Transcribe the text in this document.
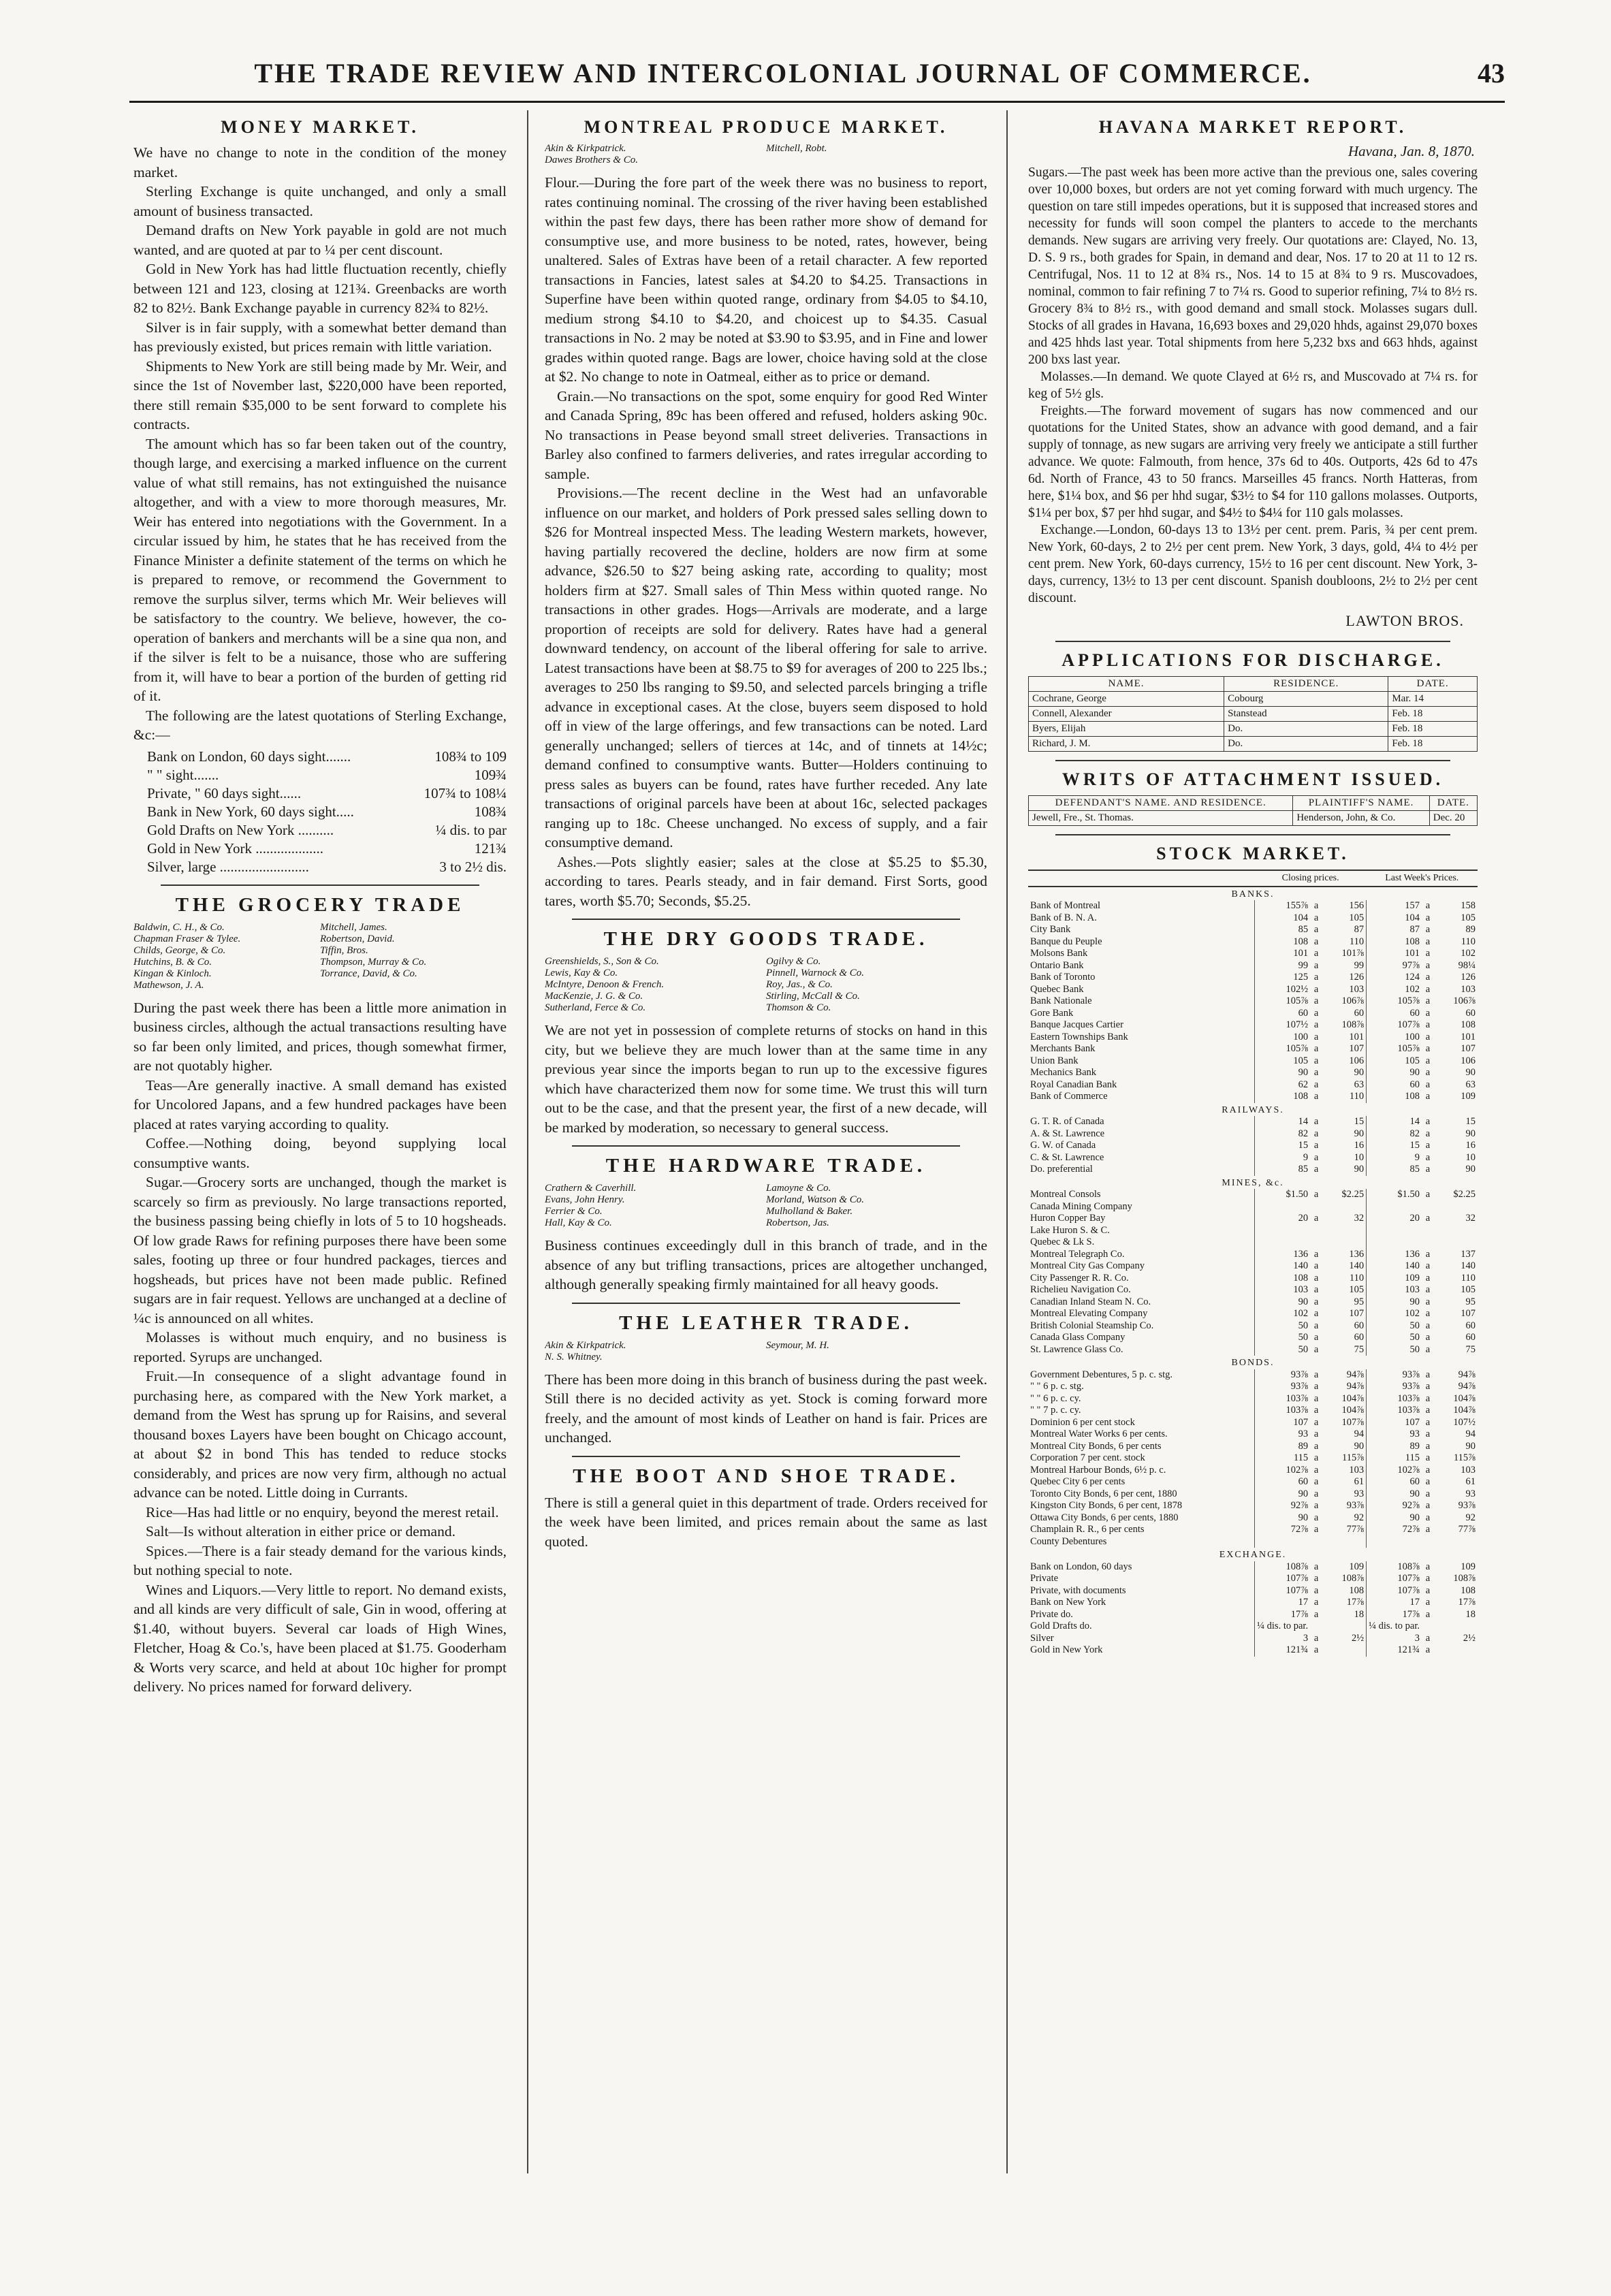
THE TRADE REVIEW AND INTERCOLONIAL JOURNAL OF COMMERCE.	43
MONEY MARKET.

We have no change to note in the condition of the money market.

Sterling Exchange is quite unchanged, and only a small amount of business transacted.

Demand drafts on New York payable in gold are not much wanted, and are quoted at par to ¼ per cent discount.

Gold in New York has had little fluctuation recently, chiefly between 121 and 123, closing at 121¾. Greenbacks are worth 82 to 82½. Bank Exchange payable in currency 82¾ to 82½.

Silver is in fair supply, with a somewhat better demand than has previously existed, but prices remain with little variation.

Shipments to New York are still being made by Mr. Weir, and since the 1st of November last, $220,000 have been reported, there still remain $35,000 to be sent forward to complete his contracts.

The amount which has so far been taken out of the country, though large, and exercising a marked influence on the current value of what still remains, has not extinguished the nuisance altogether, and with a view to more thorough measures, Mr. Weir has entered into negotiations with the Government. In a circular issued by him, he states that he has received from the Finance Minister a definite statement of the terms on which he is prepared to remove, or recommend the Government to remove the surplus silver, terms which Mr. Weir believes will be satisfactory to the country. We believe, however, the co-operation of bankers and merchants will be a sine qua non, and if the silver is felt to be a nuisance, those who are suffering from it, will have to bear a portion of the burden of getting rid of it.

The following are the latest quotations of Sterling Exchange, &c:—

Bank on London, 60 days sight.......	108¾ to 109
" " sight.......	109¾
Private, " 60 days sight......	107¾ to 108¼
Bank in New York, 60 days sight.....	108¾
Gold Drafts on New York ..........	¼ dis. to par
Gold in New York ...................	121¾
Silver, large .........................	3 to 2½ dis.
THE GROCERY TRADE
Baldwin, C. H., & Co.	Mitchell, James.
Chapman Fraser & Tylee.	Robertson, David.
Childs, George, & Co.	Tiffin, Bros.
Hutchins, B. & Co.	Thompson, Murray & Co.
Kingan & Kinloch.	Torrance, David, & Co.
Mathewson, J. A.

During the past week there has been a little more animation in business circles, although the actual transactions resulting have so far been only limited, and prices, though somewhat firmer, are not quotably higher.

Teas—Are generally inactive. A small demand has existed for Uncolored Japans, and a few hundred packages have been placed at rates varying according to quality.

Coffee.—Nothing doing, beyond supplying local consumptive wants.

Sugar.—Grocery sorts are unchanged, though the market is scarcely so firm as previously. No large transactions reported, the business passing being chiefly in lots of 5 to 10 hogsheads. Of low grade Raws for refining purposes there have been some sales, footing up three or four hundred packages, tierces and hogsheads, but prices have not been made public. Refined sugars are in fair request. Yellows are unchanged at a decline of ¼c is announced on all whites.

Molasses is without much enquiry, and no business is reported. Syrups are unchanged.

Fruit.—In consequence of a slight advantage found in purchasing here, as compared with the New York market, a demand from the West has sprung up for Raisins, and several thousand boxes Layers have been bought on Chicago account, at about $2 in bond This has tended to reduce stocks considerably, and prices are now very firm, although no actual advance can be noted. Little doing in Currants.

Rice—Has had little or no enquiry, beyond the merest retail.

Salt—Is without alteration in either price or demand.

Spices.—There is a fair steady demand for the various kinds, but nothing special to note.

Wines and Liquors.—Very little to report. No demand exists, and all kinds are very difficult of sale, Gin in wood, offering at $1.40, without buyers. Several car loads of High Wines, Fletcher, Hoag & Co.'s, have been placed at $1.75. Gooderham & Worts very scarce, and held at about 10c higher for prompt delivery. No prices named for forward delivery.

MONTREAL PRODUCE MARKET.
Akin & Kirkpatrick.	Mitchell, Robt.
Dawes Brothers & Co.

Flour.—During the fore part of the week there was no business to report, rates continuing nominal. The crossing of the river having been established within the past few days, there has been rather more show of demand for consumptive use, and more business to be noted, rates, however, being unaltered. Sales of Extras have been of a retail character. A few reported transactions in Fancies, latest sales at $4.20 to $4.25. Transactions in Superfine have been within quoted range, ordinary from $4.05 to $4.10, medium strong $4.10 to $4.20, and choicest up to $4.35. Casual transactions in No. 2 may be noted at $3.90 to $3.95, and in Fine and lower grades within quoted range. Bags are lower, choice having sold at the close at $2. No change to note in Oatmeal, either as to price or demand.

Grain.—No transactions on the spot, some enquiry for good Red Winter and Canada Spring, 89c has been offered and refused, holders asking 90c. No transactions in Pease beyond small street deliveries. Transactions in Barley also confined to farmers deliveries, and rates irregular according to sample.

Provisions.—The recent decline in the West had an unfavorable influence on our market, and holders of Pork pressed sales selling down to $26 for Montreal inspected Mess. The leading Western markets, however, having partially recovered the decline, holders are now firm at some advance, $26.50 to $27 being asking rate, according to quality; most holders firm at $27. Small sales of Thin Mess within quoted range. No transactions in other grades. Hogs—Arrivals are moderate, and a large proportion of receipts are sold for delivery. Rates have had a general downward tendency, on account of the liberal offering for sale to arrive. Latest transactions have been at $8.75 to $9 for averages of 200 to 225 lbs.; averages to 250 lbs ranging to $9.50, and selected parcels bringing a trifle advance in exceptional cases. At the close, buyers seem disposed to hold off in view of the large offerings, and few transactions can be noted. Lard generally unchanged; sellers of tierces at 14c, and of tinnets at 14½c; demand confined to consumptive wants. Butter—Holders continuing to press sales as buyers can be found, rates have further receded. Any late transactions of original parcels have been at about 16c, selected packages ranging up to 18c. Cheese unchanged. No excess of supply, and a fair consumptive demand.

Ashes.—Pots slightly easier; sales at the close at $5.25 to $5.30, according to tares. Pearls steady, and in fair demand. First Sorts, good tares, worth $5.70; Seconds, $5.25.

THE DRY GOODS TRADE.
Greenshields, S., Son & Co.	Ogilvy & Co.
Lewis, Kay & Co.	Pinnell, Warnock & Co.
McIntyre, Denoon & French.	Roy, Jas., & Co.
MacKenzie, J. G. & Co.	Stirling, McCall & Co.
Sutherland, Ferce & Co.	Thomson & Co.

We are not yet in possession of complete returns of stocks on hand in this city, but we believe they are much lower than at the same time in any previous year since the imports began to run up to the excessive figures which have characterized them now for some time. We trust this will turn out to be the case, and that the present year, the first of a new decade, will be marked by moderation, so necessary to general success.

THE HARDWARE TRADE.
Crathern & Caverhill.	Lamoyne & Co.
Evans, John Henry.	Morland, Watson & Co.
Ferrier & Co.	Mulholland & Baker.
Hall, Kay & Co.	Robertson, Jas.

Business continues exceedingly dull in this branch of trade, and in the absence of any but trifling transactions, prices are altogether unchanged, although generally speaking firmly maintained for all heavy goods.

THE LEATHER TRADE.
Akin & Kirkpatrick.	Seymour, M. H.
N. S. Whitney.

There has been more doing in this branch of business during the past week. Still there is no decided activity as yet. Stock is coming forward more freely, and the amount of most kinds of Leather on hand is fair. Prices are unchanged.

THE BOOT AND SHOE TRADE.

There is still a general quiet in this department of trade. Orders received for the week have been limited, and prices remain about the same as last quoted.

HAVANA MARKET REPORT.
Havana, Jan. 8, 1870.

Sugars.—The past week has been more active than the previous one, sales covering over 10,000 boxes, but orders are not yet coming forward with much urgency. The question on tare still impedes operations, but it is supposed that increased stores and necessity for funds will soon compel the planters to accede to the merchants demands. New sugars are arriving very freely. Our quotations are: Clayed, No. 13, D. S. 9 rs., both grades for Spain, in demand and dear, Nos. 17 to 20 at 11 to 12 rs. Centrifugal, Nos. 11 to 12 at 8¾ rs., Nos. 14 to 15 at 8¾ to 9 rs. Muscovadoes, nominal, common to fair refining 7 to 7¼ rs. Good to superior refining, 7¼ to 8½ rs. Grocery 8¾ to 8½ rs., with good demand and small stock. Molasses sugars dull. Stocks of all grades in Havana, 16,693 boxes and 29,020 hhds, against 29,070 boxes and 425 hhds last year. Total shipments from here 5,232 bxs and 663 hhds, against 200 bxs last year.

Molasses.—In demand. We quote Clayed at 6½ rs, and Muscovado at 7¼ rs. for keg of 5½ gls.

Freights.—The forward movement of sugars has now commenced and our quotations for the United States, show an advance with good demand, and a fair supply of tonnage, as new sugars are arriving very freely we anticipate a still further advance. We quote: Falmouth, from hence, 37s 6d to 40s. Outports, 42s 6d to 47s 6d. North of France, 43 to 50 francs. Marseilles 45 francs. North Hatteras, from here, $1¼ box, and $6 per hhd sugar, $3½ to $4 for 110 gallons molasses. Outports, $1¼ per box, $7 per hhd sugar, and $4½ to $4¼ for 110 gals molasses.

Exchange.—London, 60-days 13 to 13½ per cent. prem. Paris, ¾ per cent prem. New York, 60-days, 2 to 2½ per cent prem. New York, 3 days, gold, 4¼ to 4½ per cent prem. New York, 60-days currency, 15½ to 16 per cent discount. New York, 3-days, currency, 13½ to 13 per cent discount. Spanish doubloons, 2½ to 2½ per cent discount.

LAWTON BROS.
APPLICATIONS FOR DISCHARGE.
NAME.	RESIDENCE.	DATE.
Cochrane, George	Cobourg	Mar. 14
Connell, Alexander	Stanstead	Feb. 18
Byers, Elijah	Do.	Feb. 18
Richard, J. M.	Do.	Feb. 18
WRITS OF ATTACHMENT ISSUED.
DEFENDANT'S NAME. AND RESIDENCE.	PLAINTIFF'S NAME.	DATE.
Jewell, Fre., St. Thomas.	Henderson, John, & Co.	Dec. 20
STOCK MARKET.
	Closing prices.			Last Week's Prices.		
BANKS.						
Bank of Montreal	155⅞	a	156	157	a	158
Bank of B. N. A.	104	a	105	104	a	105
City Bank	85	a	87	87	a	89
Banque du Peuple	108	a	110	108	a	110
Molsons Bank	101	a	101⅞	101	a	102
Ontario Bank	99	a	99	97⅞	a	98¼
Bank of Toronto	125	a	126	124	a	126
Quebec Bank	102½	a	103	102	a	103
Bank Nationale	105⅞	a	106⅞	105⅞	a	106⅞
Gore Bank	60	a	60	60	a	60
Banque Jacques Cartier	107½	a	108⅞	107⅞	a	108
Eastern Townships Bank	100	a	101	100	a	101
Merchants Bank	105⅞	a	107	105⅞	a	107
Union Bank	105	a	106	105	a	106
Mechanics Bank	90	a	90	90	a	90
Royal Canadian Bank	62	a	63	60	a	63
Bank of Commerce	108	a	110	108	a	109
RAILWAYS.						
G. T. R. of Canada	14	a	15	14	a	15
A. & St. Lawrence	82	a	90	82	a	90
G. W. of Canada	15	a	16	15	a	16
C. & St. Lawrence	9	a	10	9	a	10
Do. preferential	85	a	90	85	a	90
MINES, &c.						
Montreal Consols	$1.50	a	$2.25	$1.50	a	$2.25
Canada Mining Company						
Huron Copper Bay	20	a	32	20	a	32
Lake Huron S. & C.						
Quebec & Lk S.						
Montreal Telegraph Co.	136	a	136	136	a	137
Montreal City Gas Company	140	a	140	140	a	140
City Passenger R. R. Co.	108	a	110	109	a	110
Richelieu Navigation Co.	103	a	105	103	a	105
Canadian Inland Steam N. Co.	90	a	95	90	a	95
Montreal Elevating Company	102	a	107	102	a	107
British Colonial Steamship Co.	50	a	60	50	a	60
Canada Glass Company	50	a	60	50	a	60
St. Lawrence Glass Co.	50	a	75	50	a	75
BONDS.						
Government Debentures, 5 p. c. stg.	93⅞	a	94⅞	93⅞	a	94⅞
" " 6 p. c. stg.	93⅞	a	94⅞	93⅞	a	94⅞
" " 6 p. c. cy.	103⅞	a	104⅞	103⅞	a	104⅞
" " 7 p. c. cy.	103⅞	a	104⅞	103⅞	a	104⅞
Dominion 6 per cent stock	107	a	107⅞	107	a	107½
Montreal Water Works 6 per cents.	93	a	94	93	a	94
Montreal City Bonds, 6 per cents	89	a	90	89	a	90
Corporation 7 per cent. stock	115	a	115⅞	115	a	115⅞
Montreal Harbour Bonds, 6½ p. c.	102⅞	a	103	102⅞	a	103
Quebec City 6 per cents	60	a	61	60	a	61
Toronto City Bonds, 6 per cent, 1880	90	a	93	90	a	93
Kingston City Bonds, 6 per cent, 1878	92⅞	a	93⅞	92⅞	a	93⅞
Ottawa City Bonds, 6 per cents, 1880	90	a	92	90	a	92
Champlain R. R., 6 per cents	72⅞	a	77⅞	72⅞	a	77⅞
County Debentures						
EXCHANGE.						
Bank on London, 60 days	108⅞	a	109	108⅞	a	109
Private	107⅞	a	108⅞	107⅞	a	108⅞
Private, with documents	107⅞	a	108	107⅞	a	108
Bank on New York	17	a	17⅞	17	a	17⅞
Private do.	17⅞	a	18	17⅞	a	18
Gold Drafts do.	¼ dis. to par.			¼ dis. to par.		
Silver	3	a	2½	3	a	2½
Gold in New York	121¾	a		121¾	a	
